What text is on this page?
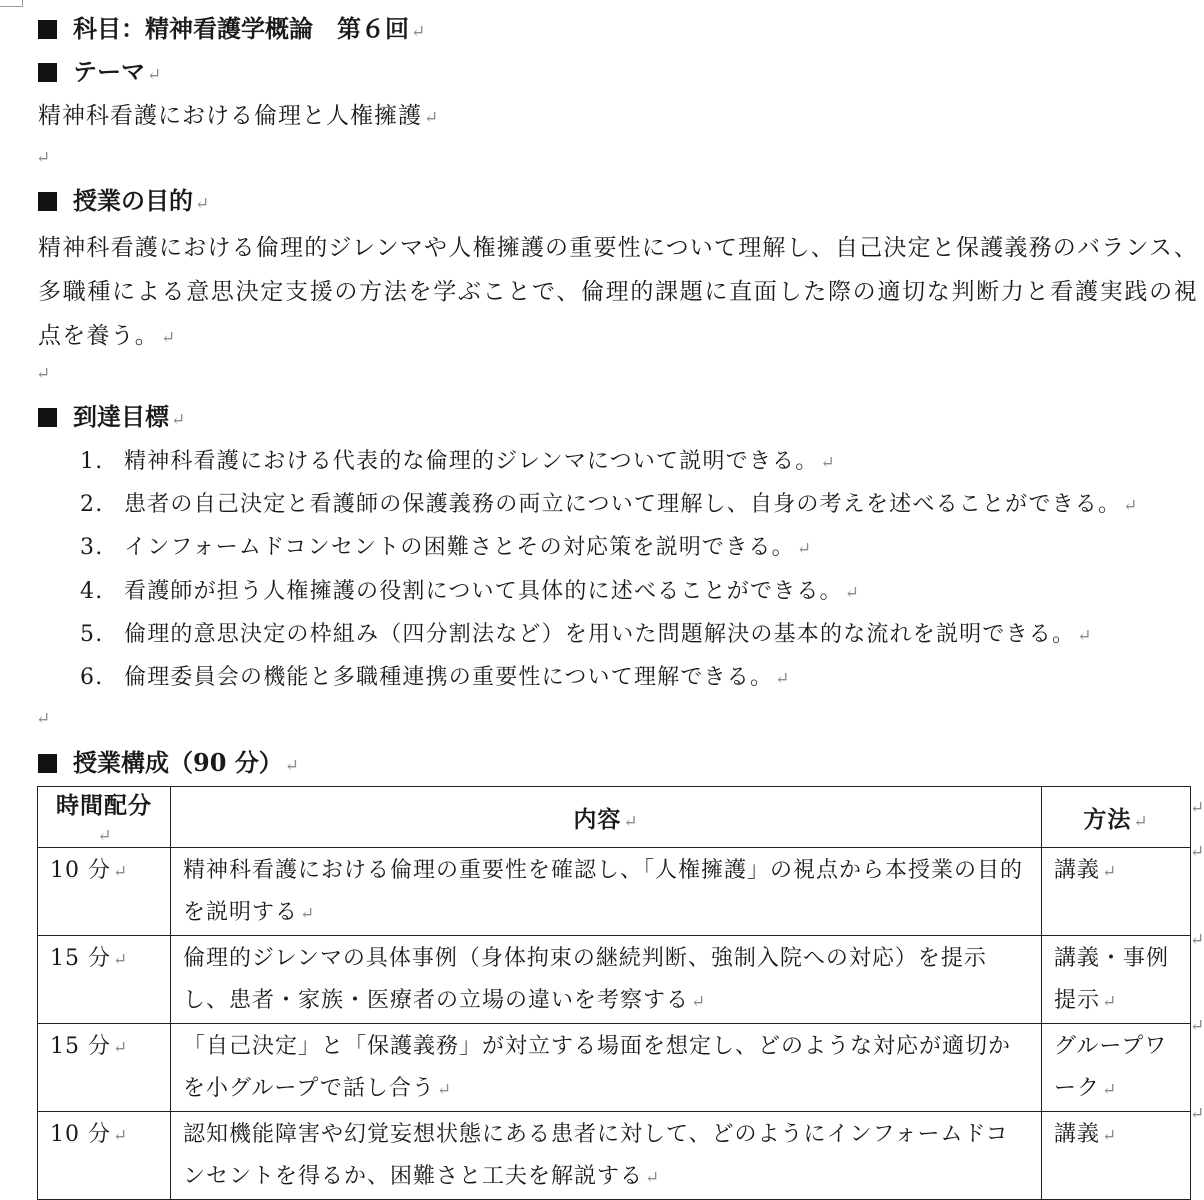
科目：精神看護学概論　第６回 ↵
テーマ ↵
精神科看護における倫理と人権擁護 ↵
↵
授業の目的 ↵
精神科看護における倫理的ジレンマや人権擁護の重要性について理解し、自己決定と保護義務のバランス、多職種による意思決定支援の方法を学ぶことで、倫理的課題に直面した際の適切な判断力と看護実践の視点を養う。 ↵
↵
到達目標 ↵
1. 精神科看護における代表的な倫理的ジレンマについて説明できる。 ↵
2. 患者の自己決定と看護師の保護義務の両立について理解し、自身の考えを述べることができる。 ↵
3. インフォームドコンセントの困難さとその対応策を説明できる。 ↵
4. 看護師が担う人権擁護の役割について具体的に述べることができる。 ↵
5. 倫理的意思決定の枠組み（四分割法など）を用いた問題解決の基本的な流れを説明できる。 ↵
6. 倫理委員会の機能と多職種連携の重要性について理解できる。 ↵
↵
授業構成（90 分） ↵
時間配分↵	内容 ↵	方法 ↵
10 分 ↵	精神科看護における倫理の重要性を確認し、「人権擁護」の視点から本授業の目的を説明する ↵	講義 ↵
15 分 ↵	倫理的ジレンマの具体事例（身体拘束の継続判断、強制入院への対応）を提示し、患者・家族・医療者の立場の違いを考察する ↵	講義・事例提示 ↵
15 分 ↵	「自己決定」と「保護義務」が対立する場面を想定し、どのような対応が適切かを小グループで話し合う ↵	グループワーク ↵
10 分 ↵	認知機能障害や幻覚妄想状態にある患者に対して、どのようにインフォームドコンセントを得るか、困難さと工夫を解説する ↵	講義 ↵
↵
↵
↵
↵
↵
